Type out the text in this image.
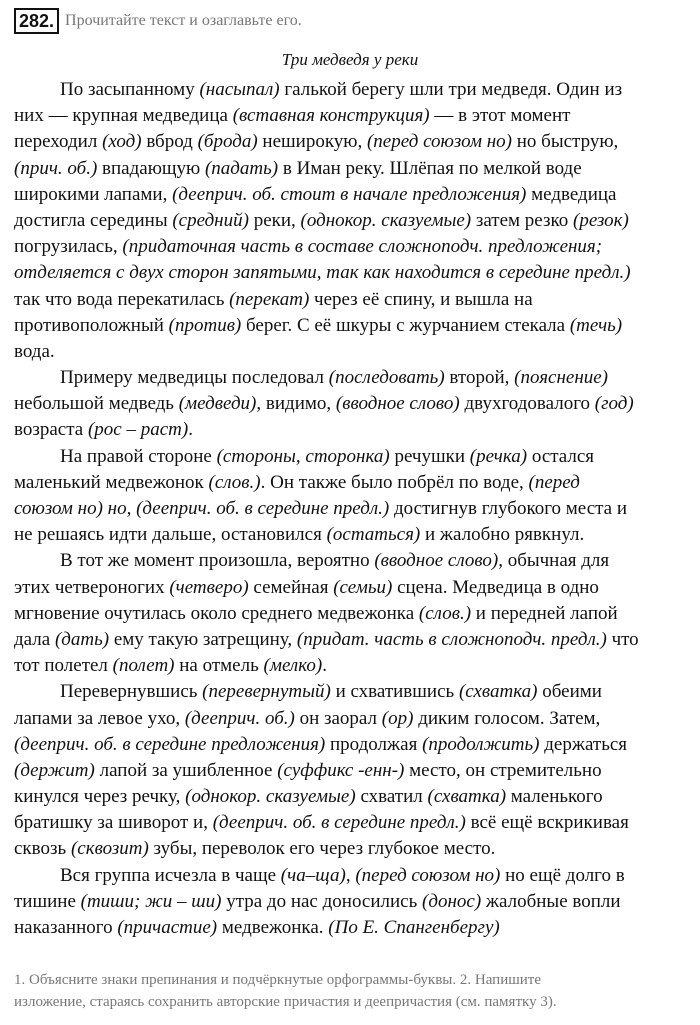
282. Прочитайте текст и озаглавьте его.
Три медведя у реки
По засыпанному (насыпал) галькой берегу шли три медведя. Один из
них — крупная медведица (вставная конструкция) — в этот момент
переходил (ход) вброд (брода) неширокую, (перед союзом но) но быструю,
(прич. об.) впадающую (падать) в Иман реку. Шлёпая по мелкой воде
широкими лапами, (дееприч. об. стоит в начале предложения) медведица
достигла середины (средний) реки, (однокор. сказуемые) затем резко (резок)
погрузилась, (придаточная часть в составе сложноподч. предложения;
отделяется с двух сторон запятыми, так как находится в середине предл.)
так что вода перекатилась (перекат) через её спину, и вышла на
противоположный (против) берег. С её шкуры с журчанием стекала (течь)
вода.
Примеру медведицы последовал (последовать) второй, (пояснение)
небольшой медведь (медведи), видимо, (вводное слово) двухгодовалого (год)
возраста (рос – раст).
На правой стороне (стороны, сторонка) речушки (речка) остался
маленький медвежонок (слов.). Он также было побрёл по воде, (перед
союзом но) но, (дееприч. об. в середине предл.) достигнув глубокого места и
не решаясь идти дальше, остановился (остаться) и жалобно рявкнул.
В тот же момент произошла, вероятно (вводное слово), обычная для
этих четвероногих (четверо) семейная (семьи) сцена. Медведица в одно
мгновение очутилась около среднего медвежонка (слов.) и передней лапой
дала (дать) ему такую затрещину, (придат. часть в сложноподч. предл.) что
тот полетел (полет) на отмель (мелко).
Перевернувшись (перевернутый) и схватившись (схватка) обеими
лапами за левое ухо, (дееприч. об.) он заорал (ор) диким голосом. Затем,
(дееприч. об. в середине предложения) продолжая (продолжить) держаться
(держит) лапой за ушибленное (суффикс -енн-) место, он стремительно
кинулся через речку, (однокор. сказуемые) схватил (схватка) маленького
братишку за шиворот и, (дееприч. об. в середине предл.) всё ещё вскрикивая
сквозь (сквозит) зубы, переволок его через глубокое место.
Вся группа исчезла в чаще (ча–ща), (перед союзом но) но ещё долго в
тишине (тиши; жи – ши) утра до нас доносились (донос) жалобные вопли
наказанного (причастие) медвежонка. (По Е. Спангенбергу)
1. Объясните знаки препинания и подчёркнутые орфограммы-буквы. 2. Напишите
изложение, стараясь сохранить авторские причастия и деепричастия (см. памятку 3).
